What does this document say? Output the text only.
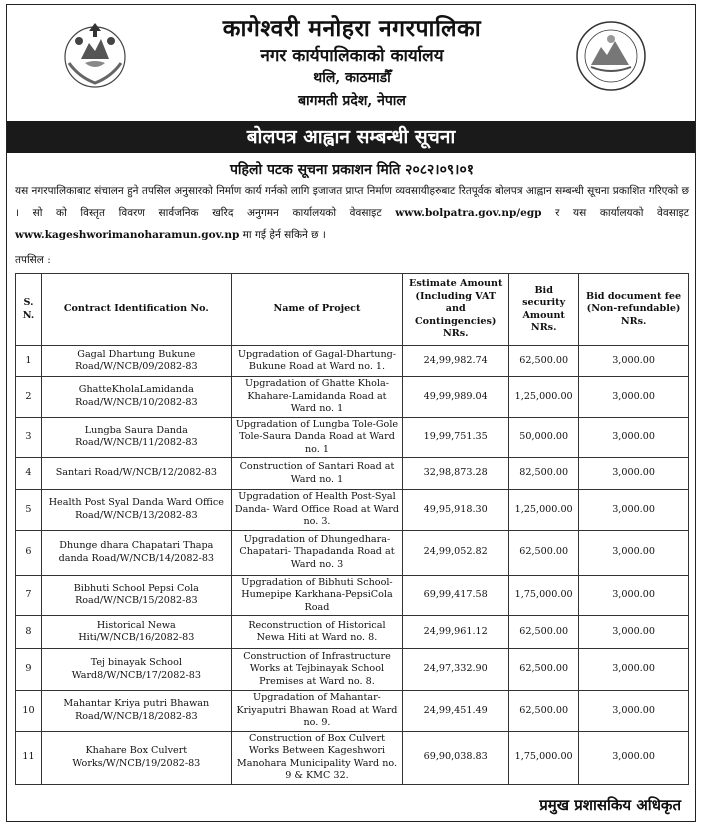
कागेश्वरी मनोहरा नगरपालिका
नगर कार्यपालिकाको कार्यालय
थलि, काठमाडौँ
बागमती प्रदेश, नेपाल
बोलपत्र आह्वान सम्बन्धी सूचना
पहिलो पटक सूचना प्रकाशन मिति २०८२।०९।०१
यस नगरपालिकाबाट संचालन हुने तपसिल अनुसारको निर्माण कार्य गर्नको लागि इजाजत प्राप्त निर्माण व्यवसायीहरुबाट रितपूर्वक बोलपत्र आह्वान सम्बन्धी सूचना प्रकाशित गरिएको छ । सो को विस्तृत विवरण सार्वजनिक खरिद अनुगमन कार्यालयको वेवसाइट www.bolpatra.gov.np/egp र यस कार्यालयको वेवसाइट www.kageshworimanoharamun.gov.np मा गई हेर्न सकिने छ ।
तपसिल :
S. N.	Contract Identification No.	Name of Project	Estimate Amount (Including VAT and Contingencies) NRs.	Bid security Amount NRs.	Bid document fee (Non-refundable) NRs.
1	Gagal Dhartung Bukune Road/W/NCB/09/2082-83	Upgradation of Gagal-Dhartung-Bukune Road at Ward no. 1.	24,99,982.74	62,500.00	3,000.00
2	GhatteKholaLamidanda Road/W/NCB/10/2082-83	Upgradation of Ghatte Khola-Khahare-Lamidanda Road at Ward no. 1	49,99,989.04	1,25,000.00	3,000.00
3	Lungba Saura Danda Road/W/NCB/11/2082-83	Upgradation of Lungba Tole-Gole Tole-Saura Danda Road at Ward no. 1	19,99,751.35	50,000.00	3,000.00
4	Santari Road/W/NCB/12/2082-83	Construction of Santari Road at Ward no. 1	32,98,873.28	82,500.00	3,000.00
5	Health Post Syal Danda Ward Office Road/W/NCB/13/2082-83	Upgradation of Health Post-Syal Danda- Ward Office Road at Ward no. 3.	49,95,918.30	1,25,000.00	3,000.00
6	Dhunge dhara Chapatari Thapa danda Road/W/NCB/14/2082-83	Upgradation of Dhungedhara-Chapatari- Thapadanda Road at Ward no. 3	24,99,052.82	62,500.00	3,000.00
7	Bibhuti School Pepsi Cola Road/W/NCB/15/2082-83	Upgradation of Bibhuti School-Humepipe Karkhana-PepsiCola Road	69,99,417.58	1,75,000.00	3,000.00
8	Historical Newa Hiti/W/NCB/16/2082-83	Reconstruction of Historical Newa Hiti at Ward no. 8.	24,99,961.12	62,500.00	3,000.00
9	Tej binayak School Ward8/W/NCB/17/2082-83	Construction of Infrastructure Works at Tejbinayak School Premises at Ward no. 8.	24,97,332.90	62,500.00	3,000.00
10	Mahantar Kriya putri Bhawan Road/W/NCB/18/2082-83	Upgradation of Mahantar-Kriyaputri Bhawan Road at Ward no. 9.	24,99,451.49	62,500.00	3,000.00
11	Khahare Box Culvert Works/W/NCB/19/2082-83	Construction of Box Culvert Works Between Kageshwori Manohara Municipality Ward no. 9 & KMC 32.	69,90,038.83	1,75,000.00	3,000.00
प्रमुख प्रशासकिय अधिकृत
